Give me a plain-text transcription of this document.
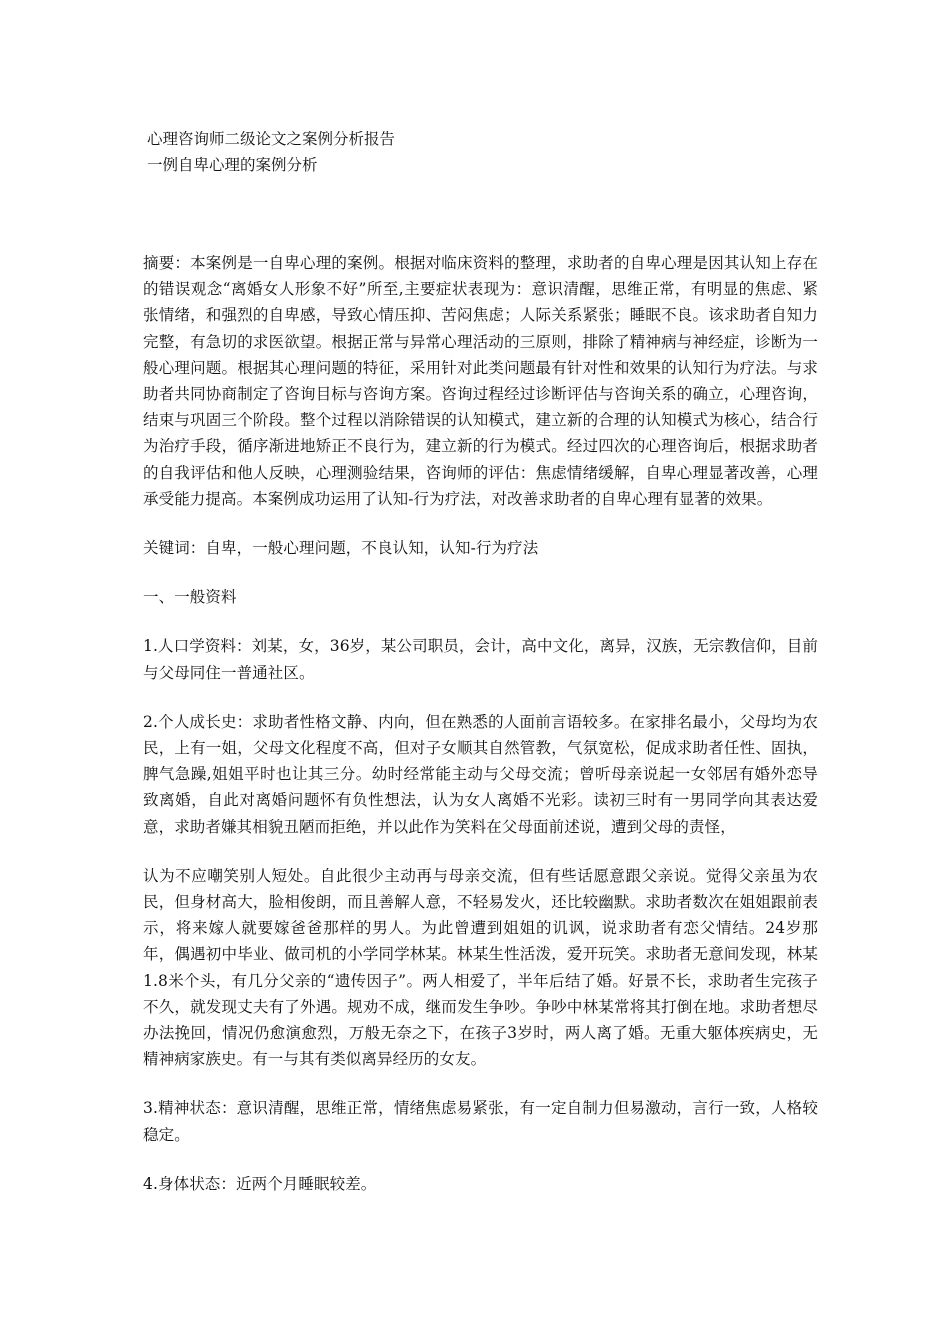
心理咨询师二级论文之案例分析报告
一例自卑心理的案例分析

摘要：本案例是一自卑心理的案例。根据对临床资料的整理，求助者的自卑心理是因其认知上存在的错误观念“离婚女人形象不好”所至,主要症状表现为：意识清醒，思维正常，有明显的焦虑、紧张情绪，和强烈的自卑感，导致心情压抑、苦闷焦虑；人际关系紧张；睡眠不良。该求助者自知力完整，有急切的求医欲望。根据正常与异常心理活动的三原则，排除了精神病与神经症，诊断为一般心理问题。根据其心理问题的特征，采用针对此类问题最有针对性和效果的认知行为疗法。与求助者共同协商制定了咨询目标与咨询方案。咨询过程经过诊断评估与咨询关系的确立，心理咨询，结束与巩固三个阶段。整个过程以消除错误的认知模式，建立新的合理的认知模式为核心，结合行为治疗手段，循序渐进地矫正不良行为，建立新的行为模式。经过四次的心理咨询后，根据求助者的自我评估和他人反映，心理测验结果，咨询师的评估：焦虑情绪缓解，自卑心理显著改善，心理承受能力提高。本案例成功运用了认知-行为疗法，对改善求助者的自卑心理有显著的效果。

关键词：自卑，一般心理问题，不良认知，认知-行为疗法

一、一般资料

1.人口学资料：刘某，女，36岁，某公司职员，会计，高中文化，离异，汉族，无宗教信仰，目前与父母同住一普通社区。

2.个人成长史：求助者性格文静、内向，但在熟悉的人面前言语较多。在家排名最小，父母均为农民，上有一姐，父母文化程度不高，但对子女顺其自然管教，气氛宽松，促成求助者任性、固执，脾气急躁,姐姐平时也让其三分。幼时经常能主动与父母交流；曾听母亲说起一女邻居有婚外恋导致离婚，自此对离婚问题怀有负性想法，认为女人离婚不光彩。读初三时有一男同学向其表达爱意，求助者嫌其相貌丑陋而拒绝，并以此作为笑料在父母面前述说，遭到父母的责怪，

认为不应嘲笑别人短处。自此很少主动再与母亲交流，但有些话愿意跟父亲说。觉得父亲虽为农民，但身材高大，脸相俊朗，而且善解人意，不轻易发火，还比较幽默。求助者数次在姐姐跟前表示，将来嫁人就要嫁爸爸那样的男人。为此曾遭到姐姐的讥讽，说求助者有恋父情结。24岁那年，偶遇初中毕业、做司机的小学同学林某。林某生性活泼，爱开玩笑。求助者无意间发现，林某1.8米个头，有几分父亲的“遗传因子”。两人相爱了，半年后结了婚。好景不长，求助者生完孩子不久，就发现丈夫有了外遇。规劝不成，继而发生争吵。争吵中林某常将其打倒在地。求助者想尽办法挽回，情况仍愈演愈烈，万般无奈之下，在孩子3岁时，两人离了婚。无重大躯体疾病史，无精神病家族史。有一与其有类似离异经历的女友。

3.精神状态：意识清醒，思维正常，情绪焦虑易紧张，有一定自制力但易激动，言行一致，人格较稳定。

4.身体状态：近两个月睡眠较差。
